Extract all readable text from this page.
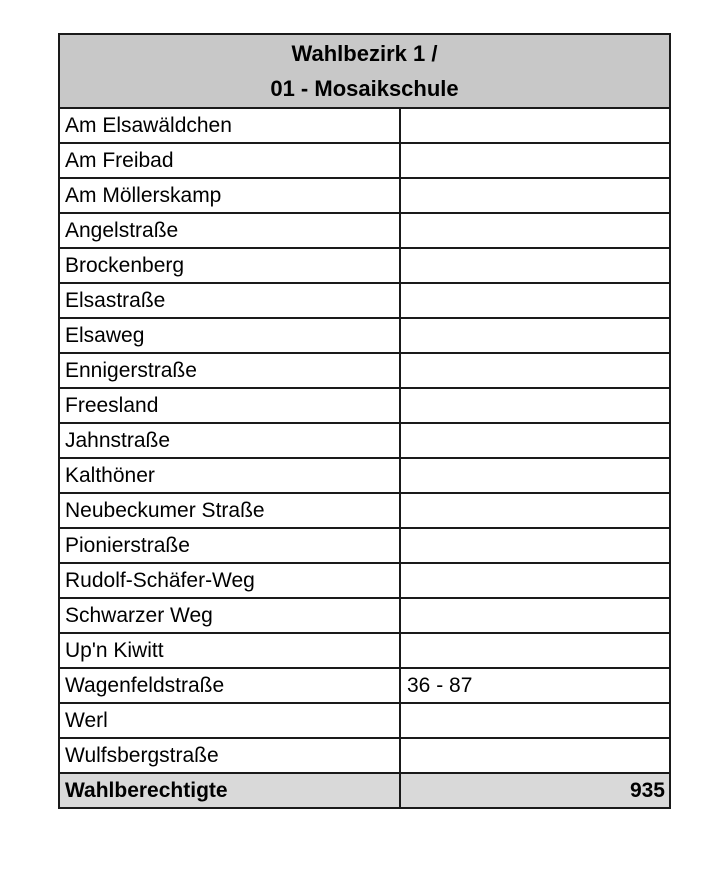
Wahlbezirk 1 /
01 - Mosaikschule	

Am Elsawäldchen	
Am Freibad	
Am Möllerskamp	
Angelstraße	
Brockenberg	
Elsastraße	
Elsaweg	
Ennigerstraße	
Freesland	
Jahnstraße	
Kalthöner	
Neubeckumer Straße	
Pionierstraße	
Rudolf-Schäfer-Weg	
Schwarzer Weg	
Up'n Kiwitt	
Wagenfeldstraße	36 - 87
Werl	
Wulfsbergstraße	
Wahlberechtigte	935
